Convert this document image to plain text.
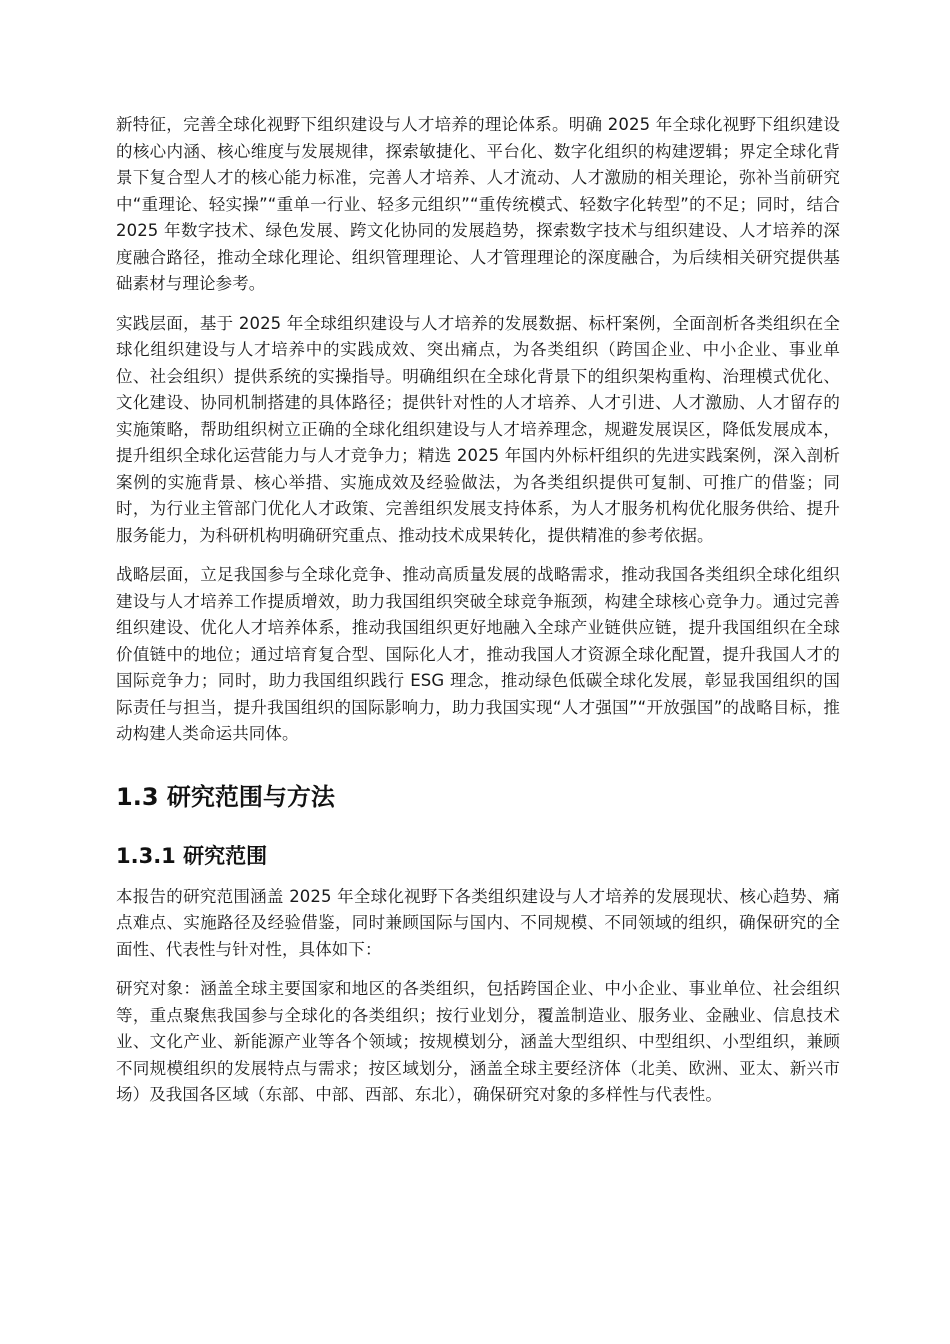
新特征，完善全球化视野下组织建设与人才培养的理论体系。明确 2025 年全球化视野下组织建设的核心内涵、核心维度与发展规律，探索敏捷化、平台化、数字化组织的构建逻辑；界定全球化背景下复合型人才的核心能力标准，完善人才培养、人才流动、人才激励的相关理论，弥补当前研究中“重理论、轻实操”“重单一行业、轻多元组织”“重传统模式、轻数字化转型”的不足；同时，结合 2025 年数字技术、绿色发展、跨文化协同的发展趋势，探索数字技术与组织建设、人才培养的深度融合路径，推动全球化理论、组织管理理论、人才管理理论的深度融合，为后续相关研究提供基础素材与理论参考。

实践层面，基于 2025 年全球组织建设与人才培养的发展数据、标杆案例，全面剖析各类组织在全球化组织建设与人才培养中的实践成效、突出痛点，为各类组织（跨国企业、中小企业、事业单位、社会组织）提供系统的实操指导。明确组织在全球化背景下的组织架构重构、治理模式优化、文化建设、协同机制搭建的具体路径；提供针对性的人才培养、人才引进、人才激励、人才留存的实施策略，帮助组织树立正确的全球化组织建设与人才培养理念，规避发展误区，降低发展成本，提升组织全球化运营能力与人才竞争力；精选 2025 年国内外标杆组织的先进实践案例，深入剖析案例的实施背景、核心举措、实施成效及经验做法，为各类组织提供可复制、可推广的借鉴；同时，为行业主管部门优化人才政策、完善组织发展支持体系，为人才服务机构优化服务供给、提升服务能力，为科研机构明确研究重点、推动技术成果转化，提供精准的参考依据。

战略层面，立足我国参与全球化竞争、推动高质量发展的战略需求，推动我国各类组织全球化组织建设与人才培养工作提质增效，助力我国组织突破全球竞争瓶颈，构建全球核心竞争力。通过完善组织建设、优化人才培养体系，推动我国组织更好地融入全球产业链供应链，提升我国组织在全球价值链中的地位；通过培育复合型、国际化人才，推动我国人才资源全球化配置，提升我国人才的国际竞争力；同时，助力我国组织践行 ESG 理念，推动绿色低碳全球化发展，彰显我国组织的国际责任与担当，提升我国组织的国际影响力，助力我国实现“人才强国”“开放强国”的战略目标，推动构建人类命运共同体。

1.3 研究范围与方法
1.3.1 研究范围

本报告的研究范围涵盖 2025 年全球化视野下各类组织建设与人才培养的发展现状、核心趋势、痛点难点、实施路径及经验借鉴，同时兼顾国际与国内、不同规模、不同领域的组织，确保研究的全面性、代表性与针对性，具体如下：

研究对象：涵盖全球主要国家和地区的各类组织，包括跨国企业、中小企业、事业单位、社会组织等，重点聚焦我国参与全球化的各类组织；按行业划分，覆盖制造业、服务业、金融业、信息技术业、文化产业、新能源产业等各个领域；按规模划分，涵盖大型组织、中型组织、小型组织，兼顾不同规模组织的发展特点与需求；按区域划分，涵盖全球主要经济体（北美、欧洲、亚太、新兴市场）及我国各区域（东部、中部、西部、东北），确保研究对象的多样性与代表性。
